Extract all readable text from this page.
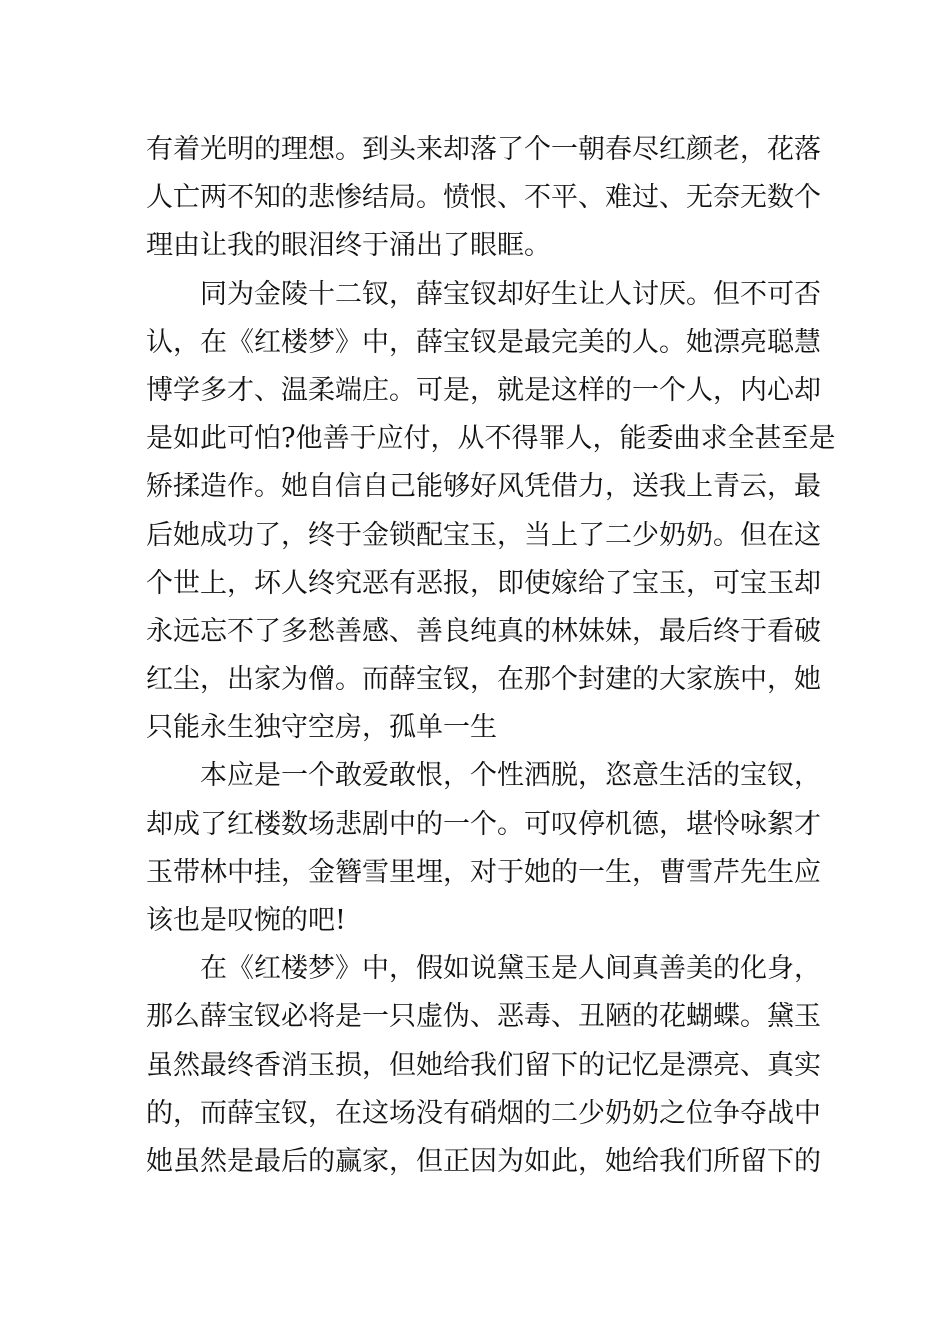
有着光明的理想。到头来却落了个一朝春尽红颜老，花落
人亡两不知的悲惨结局。愤恨、不平、难过、无奈无数个
理由让我的眼泪终于涌出了眼眶。
同为金陵十二钗，薛宝钗却好生让人讨厌。但不可否
认，在《红楼梦》中，薛宝钗是最完美的人。她漂亮聪慧
博学多才、温柔端庄。可是，就是这样的一个人，内心却
是如此可怕?他善于应付，从不得罪人，能委曲求全甚至是
矫揉造作。她自信自己能够好风凭借力，送我上青云，最
后她成功了，终于金锁配宝玉，当上了二少奶奶。但在这
个世上，坏人终究恶有恶报，即使嫁给了宝玉，可宝玉却
永远忘不了多愁善感、善良纯真的林妹妹，最后终于看破
红尘，出家为僧。而薛宝钗，在那个封建的大家族中，她
只能永生独守空房，孤单一生
本应是一个敢爱敢恨，个性洒脱，恣意生活的宝钗，
却成了红楼数场悲剧中的一个。可叹停机德，堪怜咏絮才
玉带林中挂，金簪雪里埋，对于她的一生，曹雪芹先生应
该也是叹惋的吧!
在《红楼梦》中，假如说黛玉是人间真善美的化身，
那么薛宝钗必将是一只虚伪、恶毒、丑陋的花蝴蝶。黛玉
虽然最终香消玉损，但她给我们留下的记忆是漂亮、真实
的，而薛宝钗，在这场没有硝烟的二少奶奶之位争夺战中
她虽然是最后的赢家，但正因为如此，她给我们所留下的
